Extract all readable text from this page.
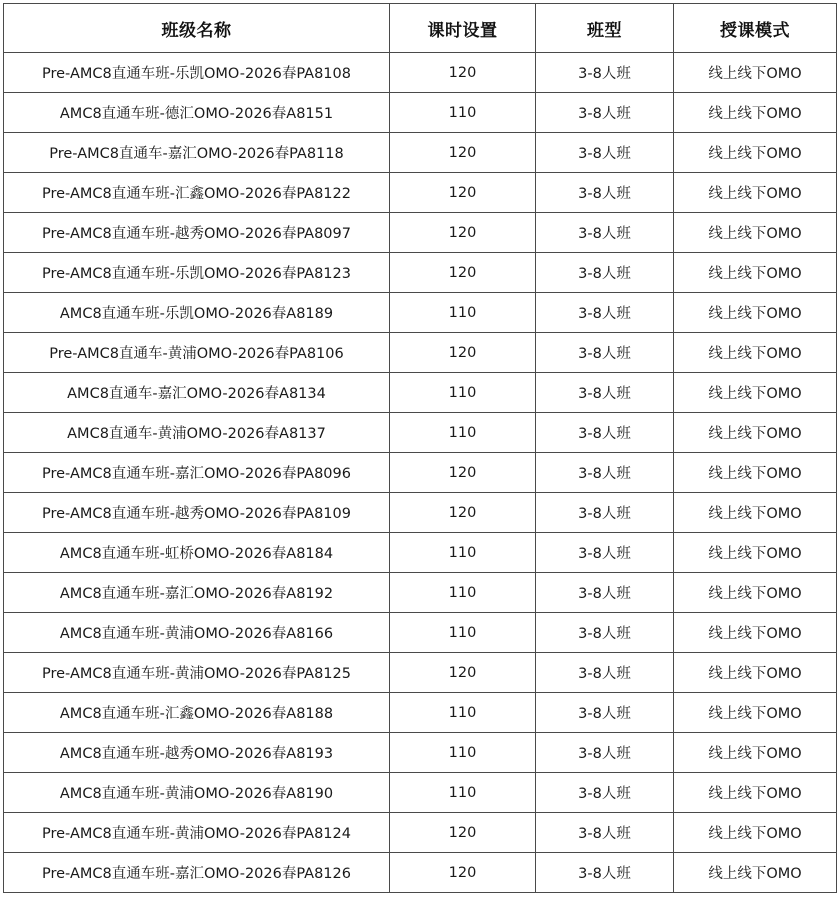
班级名称	课时设置	班型	授课模式
Pre-AMC8直通车班-乐凯OMO-2026春PA8108	120	3-8人班	线上线下OMO
AMC8直通车班-德汇OMO-2026春A8151	110	3-8人班	线上线下OMO
Pre-AMC8直通车-嘉汇OMO-2026春PA8118	120	3-8人班	线上线下OMO
Pre-AMC8直通车班-汇鑫OMO-2026春PA8122	120	3-8人班	线上线下OMO
Pre-AMC8直通车班-越秀OMO-2026春PA8097	120	3-8人班	线上线下OMO
Pre-AMC8直通车班-乐凯OMO-2026春PA8123	120	3-8人班	线上线下OMO
AMC8直通车班-乐凯OMO-2026春A8189	110	3-8人班	线上线下OMO
Pre-AMC8直通车-黄浦OMO-2026春PA8106	120	3-8人班	线上线下OMO
AMC8直通车-嘉汇OMO-2026春A8134	110	3-8人班	线上线下OMO
AMC8直通车-黄浦OMO-2026春A8137	110	3-8人班	线上线下OMO
Pre-AMC8直通车班-嘉汇OMO-2026春PA8096	120	3-8人班	线上线下OMO
Pre-AMC8直通车班-越秀OMO-2026春PA8109	120	3-8人班	线上线下OMO
AMC8直通车班-虹桥OMO-2026春A8184	110	3-8人班	线上线下OMO
AMC8直通车班-嘉汇OMO-2026春A8192	110	3-8人班	线上线下OMO
AMC8直通车班-黄浦OMO-2026春A8166	110	3-8人班	线上线下OMO
Pre-AMC8直通车班-黄浦OMO-2026春PA8125	120	3-8人班	线上线下OMO
AMC8直通车班-汇鑫OMO-2026春A8188	110	3-8人班	线上线下OMO
AMC8直通车班-越秀OMO-2026春A8193	110	3-8人班	线上线下OMO
AMC8直通车班-黄浦OMO-2026春A8190	110	3-8人班	线上线下OMO
Pre-AMC8直通车班-黄浦OMO-2026春PA8124	120	3-8人班	线上线下OMO
Pre-AMC8直通车班-嘉汇OMO-2026春PA8126	120	3-8人班	线上线下OMO
